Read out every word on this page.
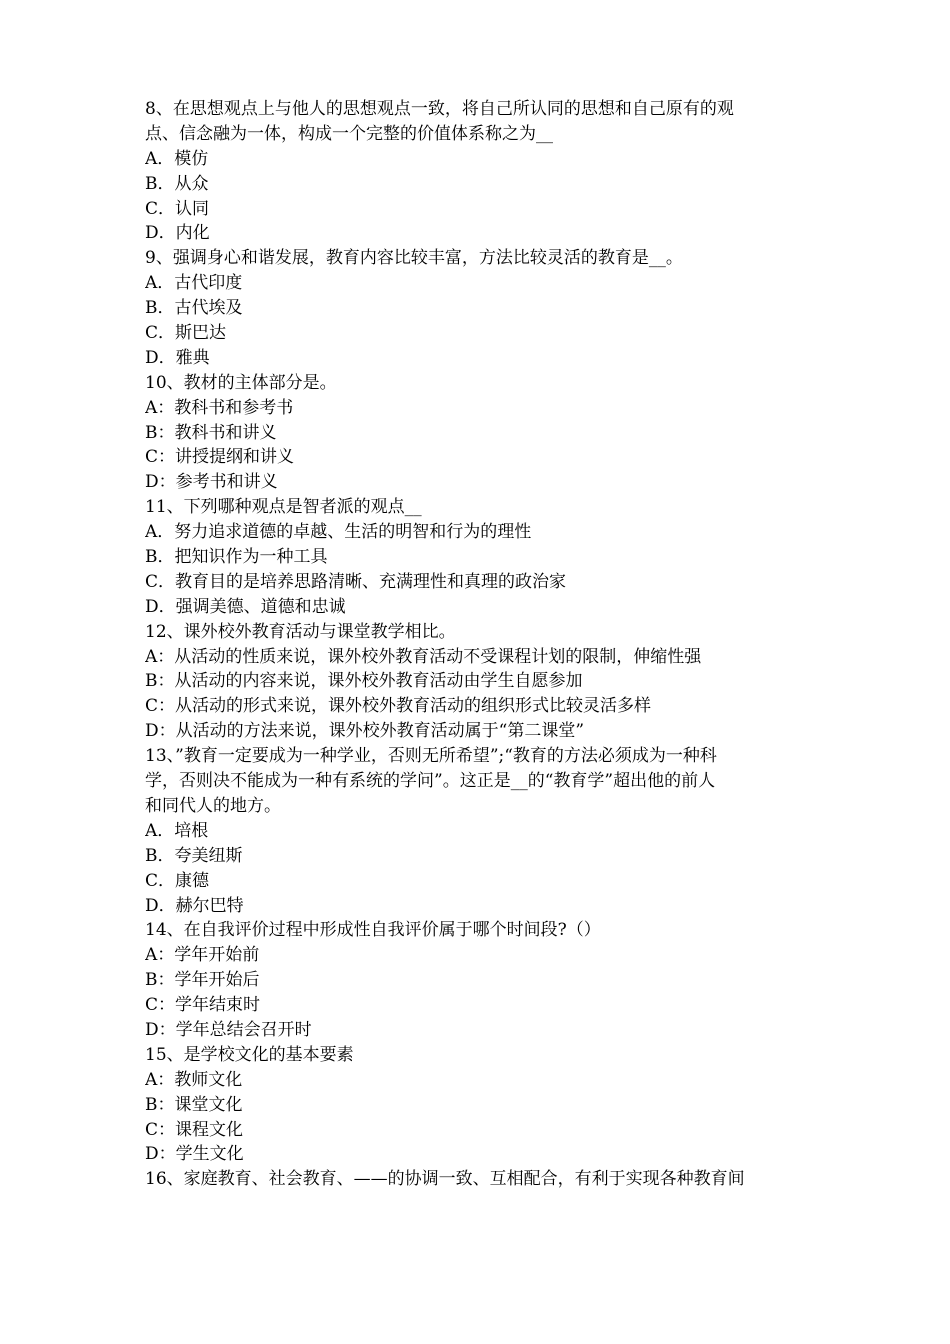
8、在思想观点上与他人的思想观点一致，将自己所认同的思想和自己原有的观
点、信念融为一体，构成一个完整的价值体系称之为__
A．模仿
B．从众
C．认同
D．内化
9、强调身心和谐发展，教育内容比较丰富，方法比较灵活的教育是__。
A．古代印度
B．古代埃及
C．斯巴达
D．雅典
10、教材的主体部分是。
A：教科书和参考书
B：教科书和讲义
C：讲授提纲和讲义
D：参考书和讲义
11、下列哪种观点是智者派的观点__
A．努力追求道德的卓越、生活的明智和行为的理性
B．把知识作为一种工具
C．教育目的是培养思路清晰、充满理性和真理的政治家
D．强调美德、道德和忠诚
12、课外校外教育活动与课堂教学相比。
A：从活动的性质来说，课外校外教育活动不受课程计划的限制，伸缩性强
B：从活动的内容来说，课外校外教育活动由学生自愿参加
C：从活动的形式来说，课外校外教育活动的组织形式比较灵活多样
D：从活动的方法来说，课外校外教育活动属于“第二课堂”
13、”教育一定要成为一种学业，否则无所希望”;“教育的方法必须成为一种科
学，否则决不能成为一种有系统的学问”。这正是__的“教育学”超出他的前人
和同代人的地方。
A．培根
B．夸美纽斯
C．康德
D．赫尔巴特
14、在自我评价过程中形成性自我评价属于哪个时间段?（）
A：学年开始前
B：学年开始后
C：学年结束时
D：学年总结会召开时
15、是学校文化的基本要素
A：教师文化
B：课堂文化
C：课程文化
D：学生文化
16、家庭教育、社会教育、——的协调一致、互相配合，有利于实现各种教育间
